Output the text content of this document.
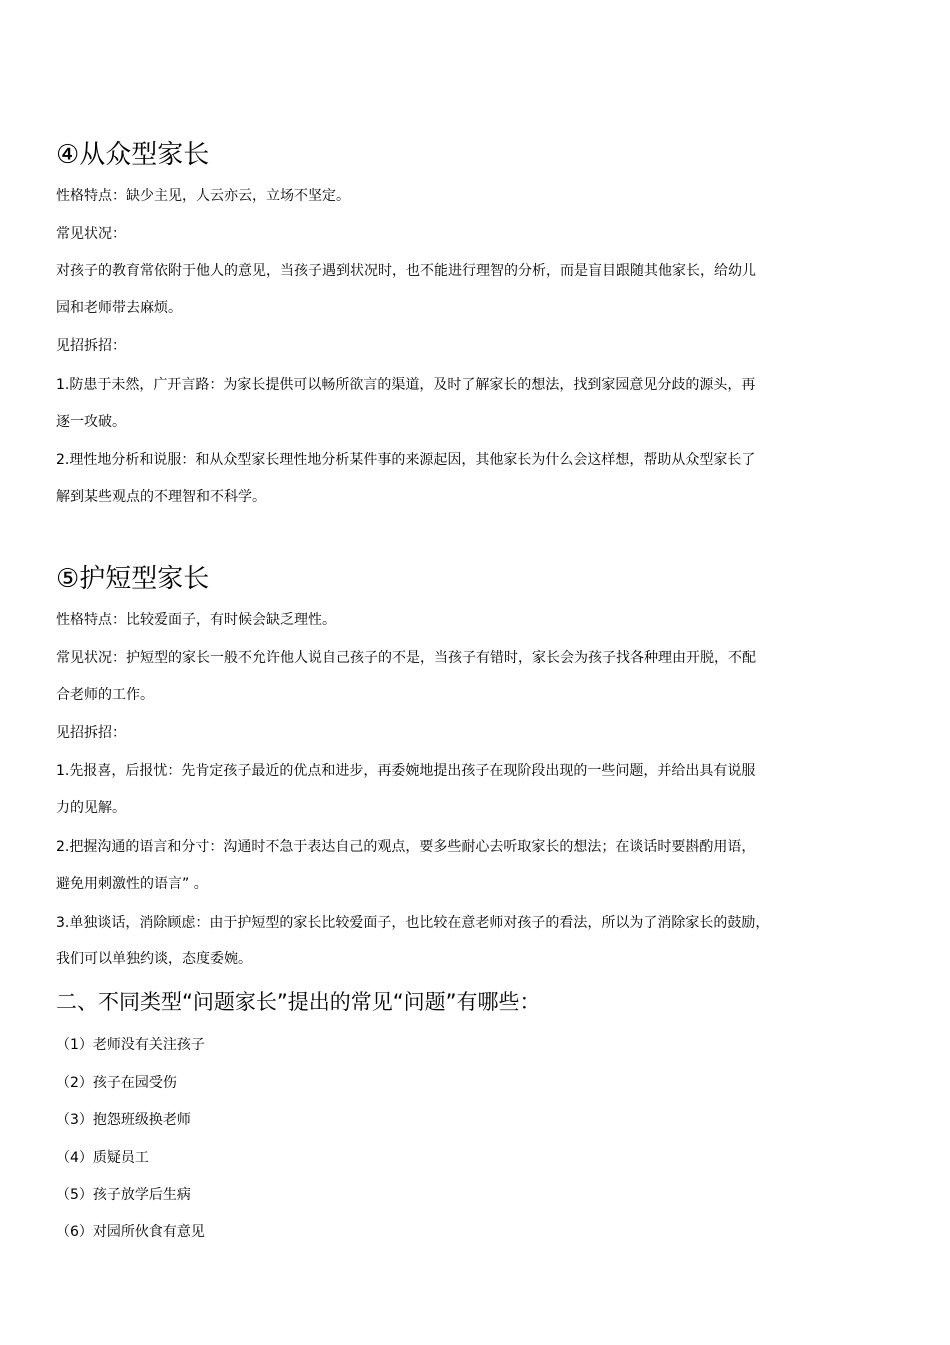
④从众型家长
性格特点：缺少主见，人云亦云，立场不坚定。
常见状况：
对孩子的教育常依附于他人的意见，当孩子遇到状况时，也不能进行理智的分析，而是盲目跟随其他家长，给幼儿
园和老师带去麻烦。
见招拆招：
1.防患于未然，广开言路：为家长提供可以畅所欲言的渠道，及时了解家长的想法，找到家园意见分歧的源头，再
逐一攻破。
2.理性地分析和说服：和从众型家长理性地分析某件事的来源起因，其他家长为什么会这样想，帮助从众型家长了
解到某些观点的不理智和不科学。
⑤护短型家长
性格特点：比较爱面子，有时候会缺乏理性。
常见状况：护短型的家长一般不允许他人说自己孩子的不是，当孩子有错时，家长会为孩子找各种理由开脱，不配
合老师的工作。
见招拆招：
1.先报喜，后报忧：先肯定孩子最近的优点和进步，再委婉地提出孩子在现阶段出现的一些问题，并给出具有说服
力的见解。
2.把握沟通的语言和分寸：沟通时不急于表达自己的观点，要多些耐心去听取家长的想法；在谈话时要斟酌用语，
避免用刺激性的语言” 。
3.单独谈话，消除顾虑：由于护短型的家长比较爱面子，也比较在意老师对孩子的看法，所以为了消除家长的鼓励，
我们可以单独约谈，态度委婉。
二、不同类型“问题家长”提出的常见“问题”有哪些：
（1）老师没有关注孩子
（2）孩子在园受伤
（3）抱怨班级换老师
（4）质疑员工
（5）孩子放学后生病
（6）对园所伙食有意见
